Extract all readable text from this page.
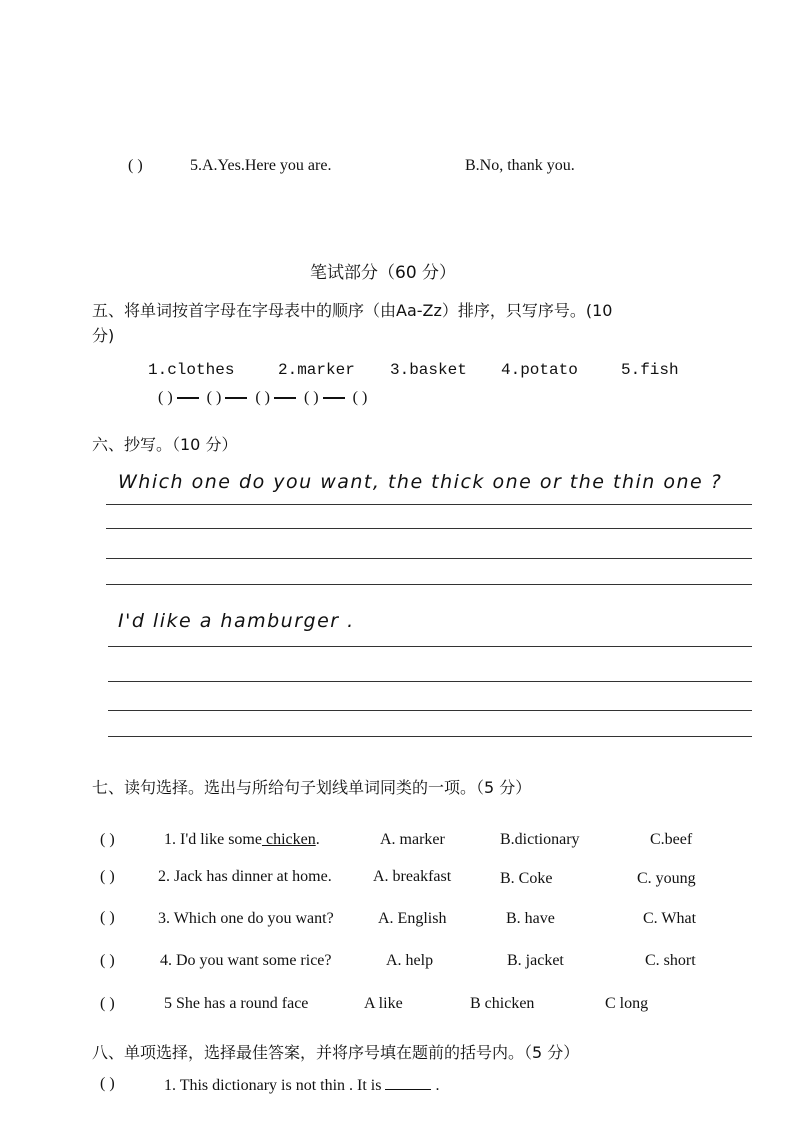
( )	5.A.Yes.Here you are.	B.No, thank you.
笔试部分（60 分）
五、将单词按首字母在字母表中的顺序（由Aa-Zz）排序，只写序号。(10
分)
1.clothes	2.marker 3.basket 4.potato	5.fish
( ) ( ) ( ) ( ) ( )
六、抄写。（10 分）
Which one do you want, the thick one or the thin one ?
I'd like a hamburger .
七、读句选择。选出与所给句子划线单词同类的一项。（5 分）
( )	1. I'd like some chicken.	A. marker	B.dictionary	C.beef
( )	2. Jack has dinner at home.	A. breakfast	B. Coke	C. young
( )	3. Which one do you want?	A. English	B. have	C. What
( )	4. Do you want some rice?	A. help	B. jacket	C. short
( )	5 She has a round face	A like	B chicken	C long
八、单项选择，选择最佳答案，并将序号填在题前的括号内。（5 分）
( )	1. This dictionary is not thin . It is	.
